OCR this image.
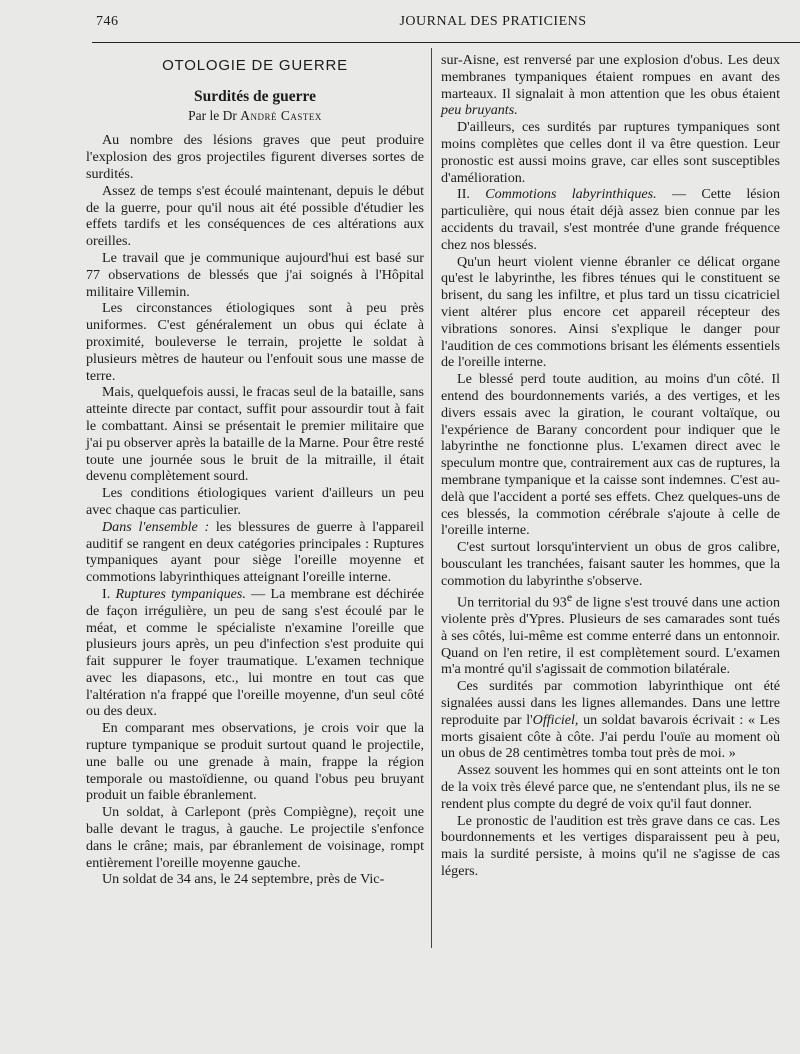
746	JOURNAL DES PRATICIENS
OTOLOGIE DE GUERRE
Surdités de guerre
Par le Dr André Castex

Au nombre des lésions graves que peut produire l'explosion des gros projectiles figurent diverses sortes de surdités.

Assez de temps s'est écoulé maintenant, depuis le début de la guerre, pour qu'il nous ait été possible d'étudier les effets tardifs et les conséquences de ces altérations aux oreilles.

Le travail que je communique aujourd'hui est basé sur 77 observations de blessés que j'ai soignés à l'Hôpital militaire Villemin.

Les circonstances étiologiques sont à peu près uniformes. C'est généralement un obus qui éclate à proximité, bouleverse le terrain, projette le soldat à plusieurs mètres de hauteur ou l'enfouit sous une masse de terre.

Mais, quelquefois aussi, le fracas seul de la bataille, sans atteinte directe par contact, suffit pour assourdir tout à fait le combattant. Ainsi se présentait le premier militaire que j'ai pu observer après la bataille de la Marne. Pour être resté toute une journée sous le bruit de la mitraille, il était devenu complètement sourd.

Les conditions étiologiques varient d'ailleurs un peu avec chaque cas particulier.

Dans l'ensemble : les blessures de guerre à l'appareil auditif se rangent en deux catégories principales : Ruptures tympaniques ayant pour siège l'oreille moyenne et commotions labyrinthiques atteignant l'oreille interne.

I. Ruptures tympaniques. — La membrane est déchirée de façon irrégulière, un peu de sang s'est écoulé par le méat, et comme le spécialiste n'examine l'oreille que plusieurs jours après, un peu d'infection s'est produite qui fait suppurer le foyer traumatique. L'examen technique avec les diapasons, etc., lui montre en tout cas que l'altération n'a frappé que l'oreille moyenne, d'un seul côté ou des deux.

En comparant mes observations, je crois voir que la rupture tympanique se produit surtout quand le projectile, une balle ou une grenade à main, frappe la région temporale ou mastoïdienne, ou quand l'obus peu bruyant produit un faible ébranlement.

Un soldat, à Carlepont (près Compiègne), reçoit une balle devant le tragus, à gauche. Le projectile s'enfonce dans le crâne; mais, par ébranlement de voisinage, rompt entièrement l'oreille moyenne gauche.

Un soldat de 34 ans, le 24 septembre, près de Vic-

sur-Aisne, est renversé par une explosion d'obus. Les deux membranes tympaniques étaient rompues en avant des marteaux. Il signalait à mon attention que les obus étaient peu bruyants.

D'ailleurs, ces surdités par ruptures tympaniques sont moins complètes que celles dont il va être question. Leur pronostic est aussi moins grave, car elles sont susceptibles d'amélioration.

II. Commotions labyrinthiques. — Cette lésion particulière, qui nous était déjà assez bien connue par les accidents du travail, s'est montrée d'une grande fréquence chez nos blessés.

Qu'un heurt violent vienne ébranler ce délicat organe qu'est le labyrinthe, les fibres ténues qui le constituent se brisent, du sang les infiltre, et plus tard un tissu cicatriciel vient altérer plus encore cet appareil récepteur des vibrations sonores. Ainsi s'explique le danger pour l'audition de ces commotions brisant les éléments essentiels de l'oreille interne.

Le blessé perd toute audition, au moins d'un côté. Il entend des bourdonnements variés, a des vertiges, et les divers essais avec la giration, le courant voltaïque, ou l'expérience de Barany concordent pour indiquer que le labyrinthe ne fonctionne plus. L'examen direct avec le speculum montre que, contrairement aux cas de ruptures, la membrane tympanique et la caisse sont indemnes. C'est au-delà que l'accident a porté ses effets. Chez quelques-uns de ces blessés, la commotion cérébrale s'ajoute à celle de l'oreille interne.

C'est surtout lorsqu'intervient un obus de gros calibre, bousculant les tranchées, faisant sauter les hommes, que la commotion du labyrinthe s'observe.

Un territorial du 93e de ligne s'est trouvé dans une action violente près d'Ypres. Plusieurs de ses camarades sont tués à ses côtés, lui-même est comme enterré dans un entonnoir. Quand on l'en retire, il est complètement sourd. L'examen m'a montré qu'il s'agissait de commotion bilatérale.

Ces surdités par commotion labyrinthique ont été signalées aussi dans les lignes allemandes. Dans une lettre reproduite par l'Officiel, un soldat bavarois écrivait : « Les morts gisaient côte à côte. J'ai perdu l'ouïe au moment où un obus de 28 centimètres tomba tout près de moi. »

Assez souvent les hommes qui en sont atteints ont le ton de la voix très élevé parce que, ne s'entendant plus, ils ne se rendent plus compte du degré de voix qu'il faut donner.

Le pronostic de l'audition est très grave dans ce cas. Les bourdonnements et les vertiges disparaissent peu à peu, mais la surdité persiste, à moins qu'il ne s'agisse de cas légers.
